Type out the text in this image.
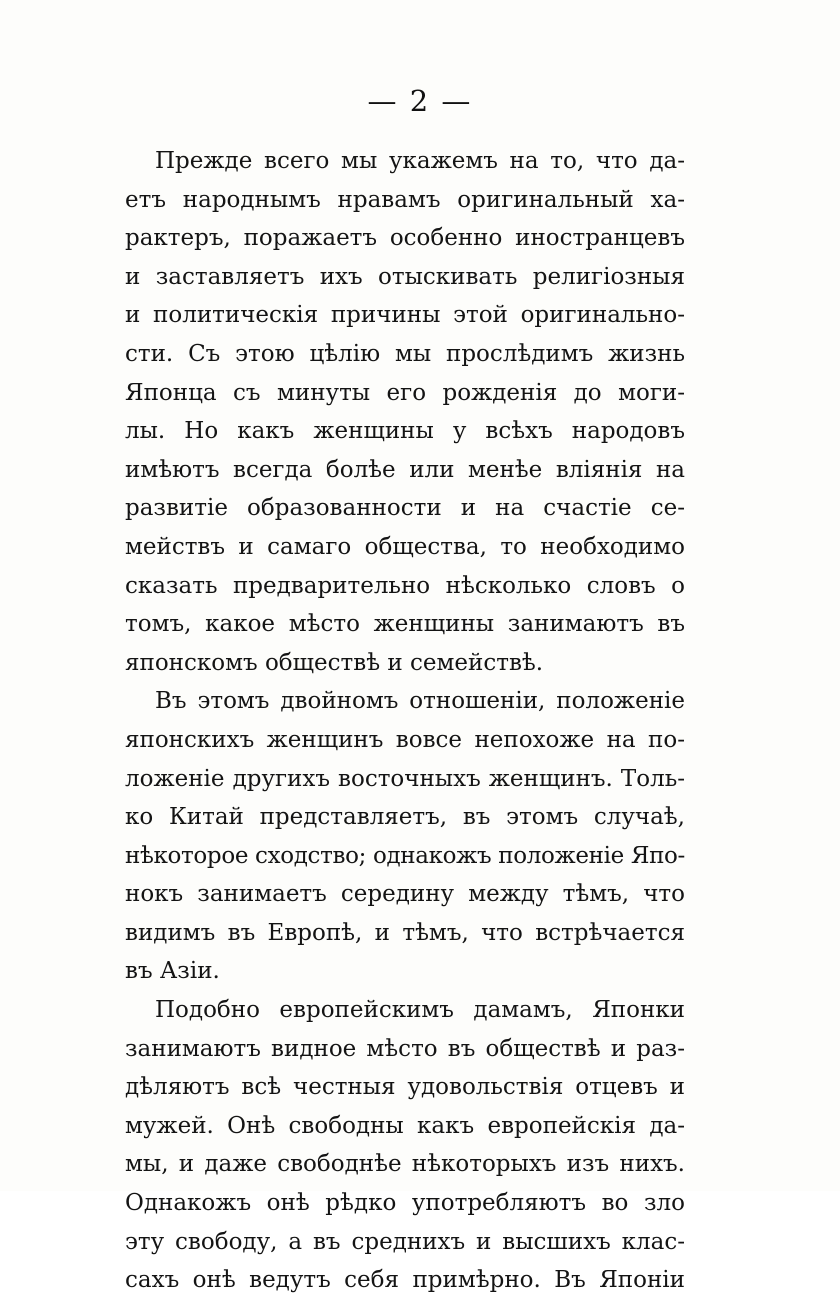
— 2 —
Прежде всего мы укажемъ на то, что да-
етъ народнымъ нравамъ оригинальный ха-
рактеръ, поражаетъ особенно иностранцевъ
и заставляетъ ихъ отыскивать религiозныя
и политическiя причины этой оригинально-
сти. Съ этою цѣлiю мы прослѣдимъ жизнь
Японца съ минуты его рожденiя до моги-
лы. Но какъ женщины у всѣхъ народовъ
имѣютъ всегда болѣе или менѣе влiянiя на
развитiе образованности и на счастiе се-
мействъ и самаго общества, то необходимо
сказать предварительно нѣсколько словъ о
томъ, какое мѣсто женщины занимаютъ въ
японскомъ обществѣ и семействѣ.
Въ этомъ двойномъ отношенiи, положенiе
японскихъ женщинъ вовсе непохоже на по-
ложенiе другихъ восточныхъ женщинъ. Толь-
ко Китай представляетъ, въ этомъ случаѣ,
нѣкоторое сходство; однакожъ положенiе Япо-
нокъ занимаетъ середину между тѣмъ, что
видимъ въ Европѣ, и тѣмъ, что встрѣчается
въ Азiи.
Подобно европейскимъ дамамъ, Японки
занимаютъ видное мѣсто въ обществѣ и раз-
дѣляютъ всѣ честныя удовольствiя отцевъ и
мужей. Онѣ свободны какъ европейскiя да-
мы, и даже свободнѣе нѣкоторыхъ изъ нихъ.
Однакожъ онѣ рѣдко употребляютъ во зло
эту свободу, а въ среднихъ и высшихъ клас-
сахъ онѣ ведутъ себя примѣрно. Въ Японiи
